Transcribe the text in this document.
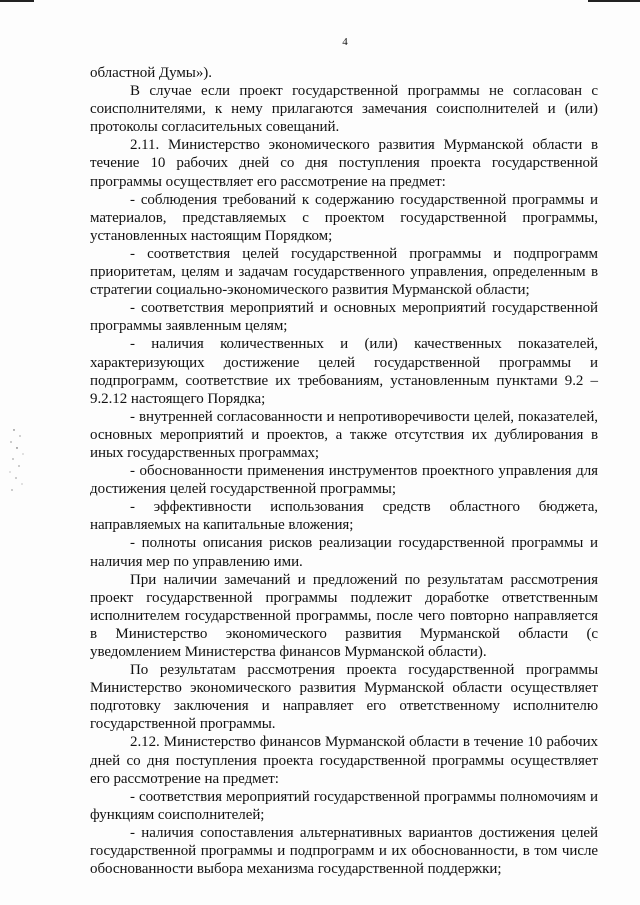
4

областной Думы»).

В случае если проект государственной программы не согласован с соисполнителями, к нему прилагаются замечания соисполнителей и (или) протоколы согласительных совещаний.

2.11. Министерство экономического развития Мурманской области в течение 10 рабочих дней со дня поступления проекта государственной программы осуществляет его рассмотрение на предмет:

- соблюдения требований к содержанию государственной программы и материалов, представляемых с проектом государственной программы, установленных настоящим Порядком;

- соответствия целей государственной программы и подпрограмм приоритетам, целям и задачам государственного управления, определенным в стратегии социально-экономического развития Мурманской области;

- соответствия мероприятий и основных мероприятий государственной программы заявленным целям;

- наличия количественных и (или) качественных показателей, характеризующих достижение целей государственной программы и подпрограмм, соответствие их требованиям, установленным пунктами 9.2 – 9.2.12 настоящего Порядка;

- внутренней согласованности и непротиворечивости целей, показателей, основных мероприятий и проектов, а также отсутствия их дублирования в иных государственных программах;

- обоснованности применения инструментов проектного управления для достижения целей государственной программы;

- эффективности использования средств областного бюджета, направляемых на капитальные вложения;

- полноты описания рисков реализации государственной программы и наличия мер по управлению ими.

При наличии замечаний и предложений по результатам рассмотрения проект государственной программы подлежит доработке ответственным исполнителем государственной программы, после чего повторно направляется в Министерство экономического развития Мурманской области (с уведомлением Министерства финансов Мурманской области).

По результатам рассмотрения проекта государственной программы Министерство экономического развития Мурманской области осуществляет подготовку заключения и направляет его ответственному исполнителю государственной программы.

2.12. Министерство финансов Мурманской области в течение 10 рабочих дней со дня поступления проекта государственной программы осуществляет его рассмотрение на предмет:

- соответствия мероприятий государственной программы полномочиям и функциям соисполнителей;

- наличия сопоставления альтернативных вариантов достижения целей государственной программы и подпрограмм и их обоснованности, в том числе обоснованности выбора механизма государственной поддержки;
